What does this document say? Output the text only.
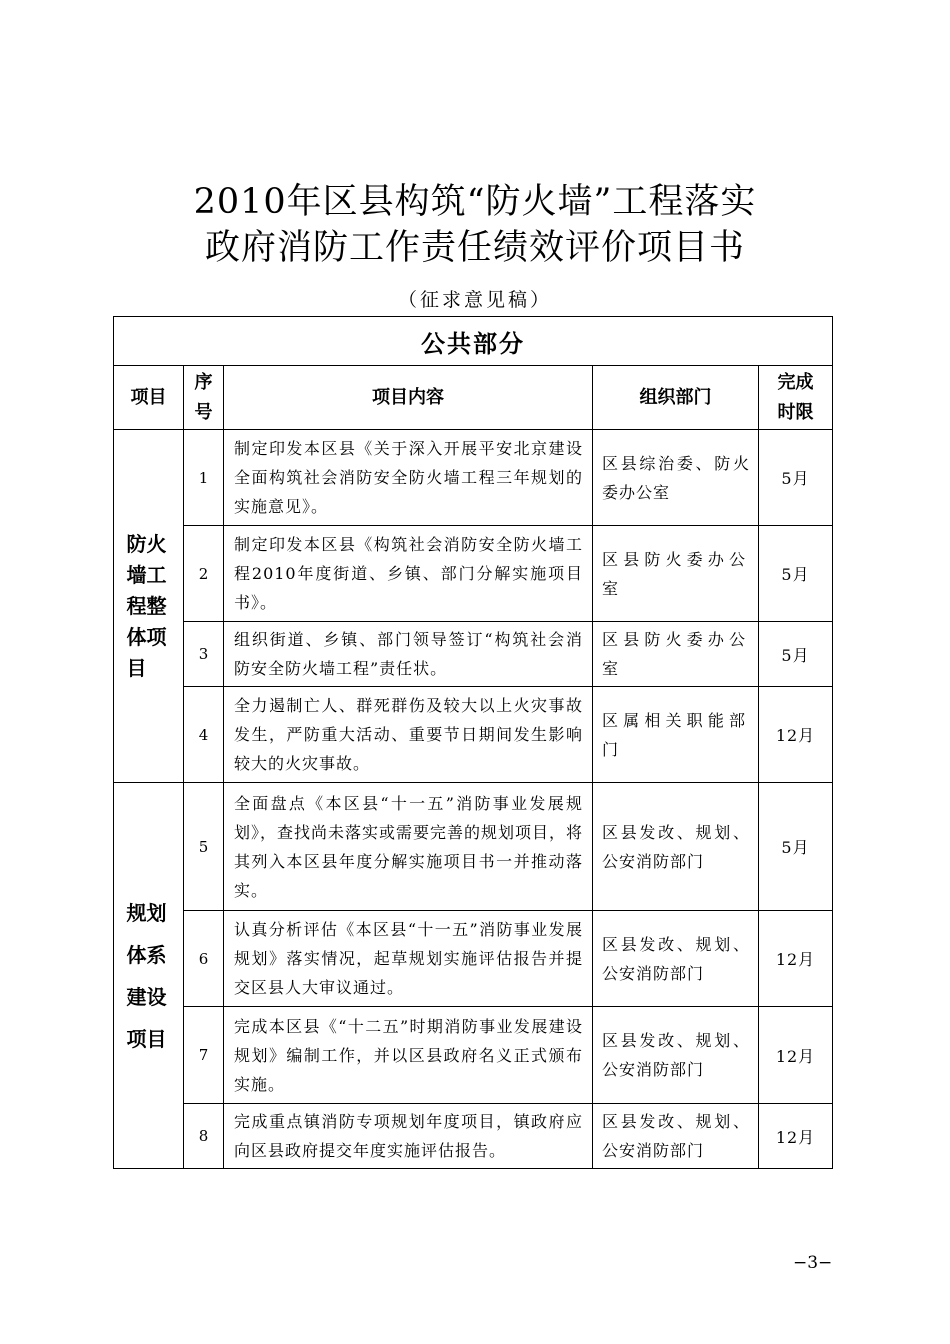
2010年区县构筑“防火墙”工程落实
政府消防工作责任绩效评价项目书
（征求意见稿）
公共部分				
项目	序号	项目内容	组织部门	完成时限
防火墙工程整体项目	1	制定印发本区县《关于深入开展平安北京建设全面构筑社会消防安全防火墙工程三年规划的实施意见》。	区县综治委、防火委办公室	5月
	2	制定印发本区县《构筑社会消防安全防火墙工程2010年度街道、乡镇、部门分解实施项目书》。	区县防火委办公室	5月
	3	组织街道、乡镇、部门领导签订“构筑社会消防安全防火墙工程”责任状。	区县防火委办公室	5月
	4	全力遏制亡人、群死群伤及较大以上火灾事故发生，严防重大活动、重要节日期间发生影响较大的火灾事故。	区属相关职能部门	12月
规划体系建设项目	5	全面盘点《本区县“十一五”消防事业发展规划》，查找尚未落实或需要完善的规划项目，将其列入本区县年度分解实施项目书一并推动落实。	区县发改、规划、公安消防部门	5月
	6	认真分析评估《本区县“十一五”消防事业发展规划》落实情况，起草规划实施评估报告并提交区县人大审议通过。	区县发改、规划、公安消防部门	12月
	7	完成本区县《“十二五”时期消防事业发展建设规划》编制工作，并以区县政府名义正式颁布实施。	区县发改、规划、公安消防部门	12月
	8	完成重点镇消防专项规划年度项目，镇政府应向区县政府提交年度实施评估报告。	区县发改、规划、公安消防部门	12月
−3−
